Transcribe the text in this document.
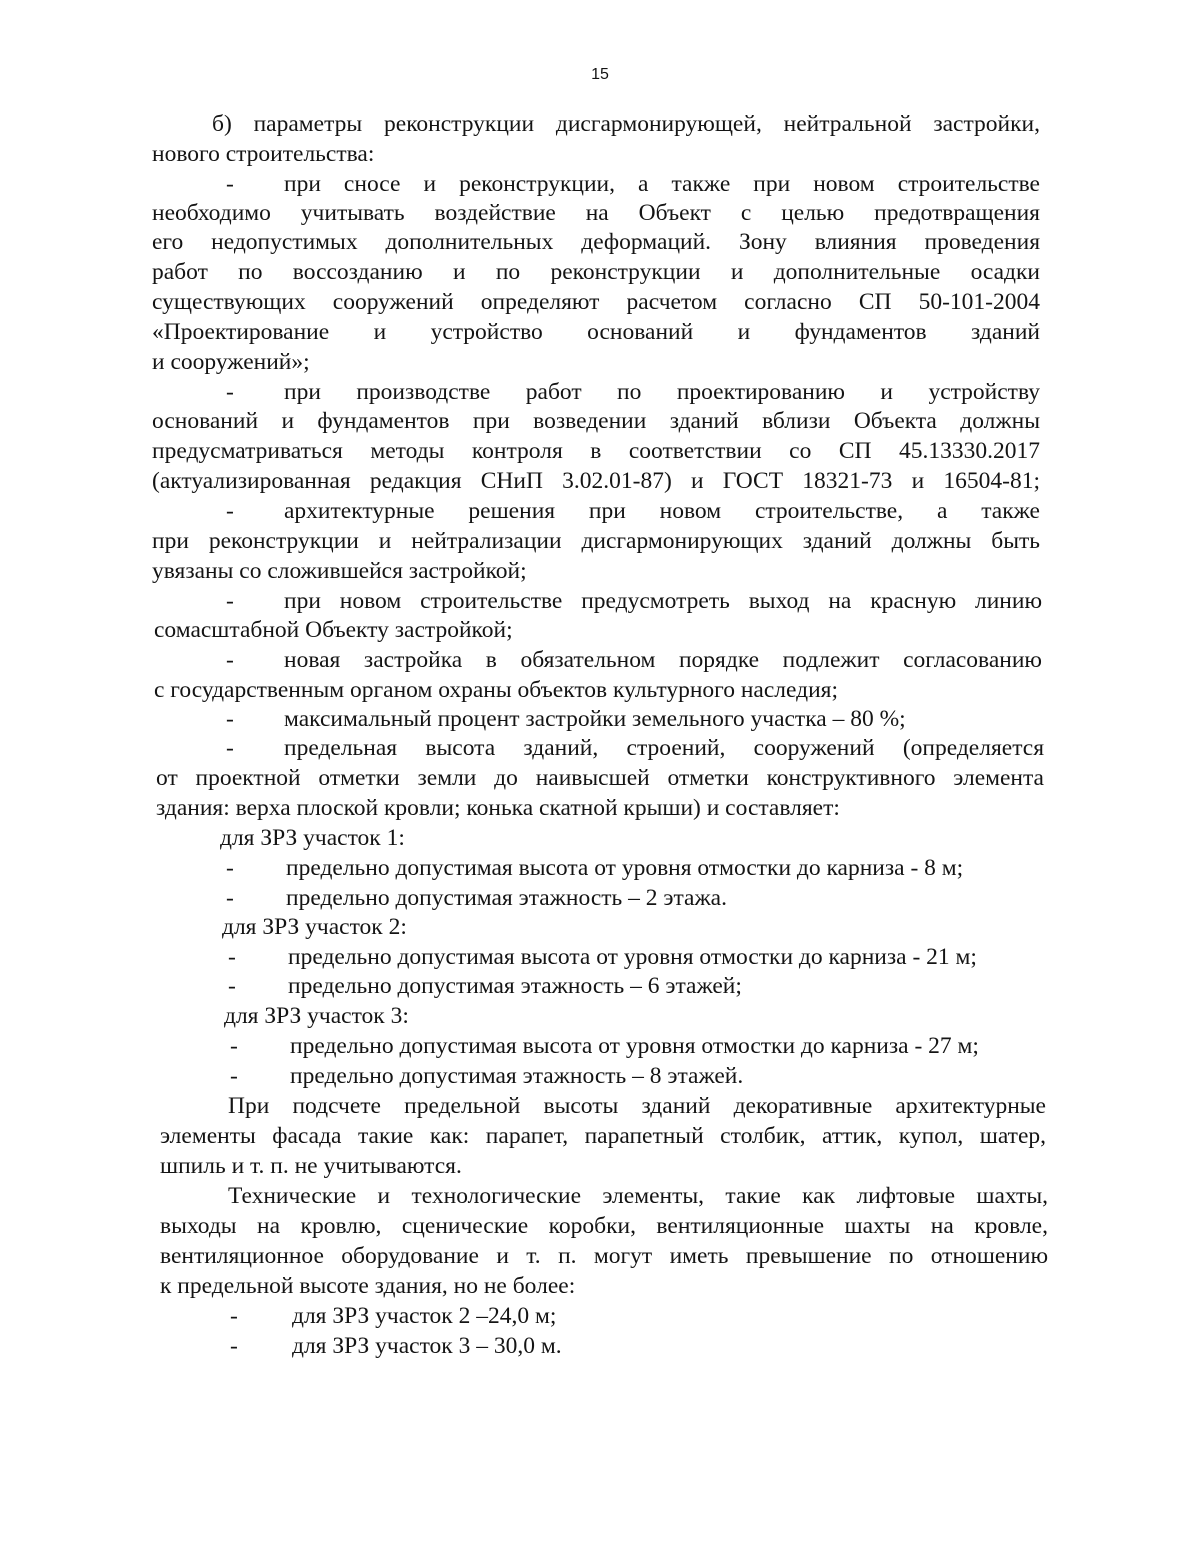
15
б) параметры реконструкции дисгармонирующей, нейтральной застройки,
нового строительства:
- при сносе и реконструкции, а также при новом строительстве
необходимо учитывать воздействие на Объект с целью предотвращения
его недопустимых дополнительных деформаций. Зону влияния проведения
работ по воссозданию и по реконструкции и дополнительные осадки
существующих сооружений определяют расчетом согласно СП 50-101-2004
«Проектирование и устройство оснований и фундаментов зданий
и сооружений»;
- при производстве работ по проектированию и устройству
оснований и фундаментов при возведении зданий вблизи Объекта должны
предусматриваться методы контроля в соответствии со СП 45.13330.2017
(актуализированная редакция СНиП 3.02.01-87) и ГОСТ 18321-73 и 16504-81;
- архитектурные решения при новом строительстве, а также
при реконструкции и нейтрализации дисгармонирующих зданий должны быть
увязаны со сложившейся застройкой;
- при новом строительстве предусмотреть выход на красную линию
сомасштабной Объекту застройкой;
- новая застройка в обязательном порядке подлежит согласованию
с государственным органом охраны объектов культурного наследия;
- максимальный процент застройки земельного участка – 80 %;
- предельная высота зданий, строений, сооружений (определяется
от проектной отметки земли до наивысшей отметки конструктивного элемента
здания: верха плоской кровли; конька скатной крыши) и составляет:
для ЗРЗ участок 1:
- предельно допустимая высота от уровня отмостки до карниза - 8 м;
- предельно допустимая этажность – 2 этажа.
для ЗРЗ участок 2:
- предельно допустимая высота от уровня отмостки до карниза - 21 м;
- предельно допустимая этажность – 6 этажей;
для ЗРЗ участок 3:
- предельно допустимая высота от уровня отмостки до карниза - 27 м;
- предельно допустимая этажность – 8 этажей.
При подсчете предельной высоты зданий декоративные архитектурные
элементы фасада такие как: парапет, парапетный столбик, аттик, купол, шатер,
шпиль и т. п. не учитываются.
Технические и технологические элементы, такие как лифтовые шахты,
выходы на кровлю, сценические коробки, вентиляционные шахты на кровле,
вентиляционное оборудование и т. п. могут иметь превышение по отношению
к предельной высоте здания, но не более:
- для ЗРЗ участок 2 –24,0 м;
- для ЗРЗ участок 3 – 30,0 м.
